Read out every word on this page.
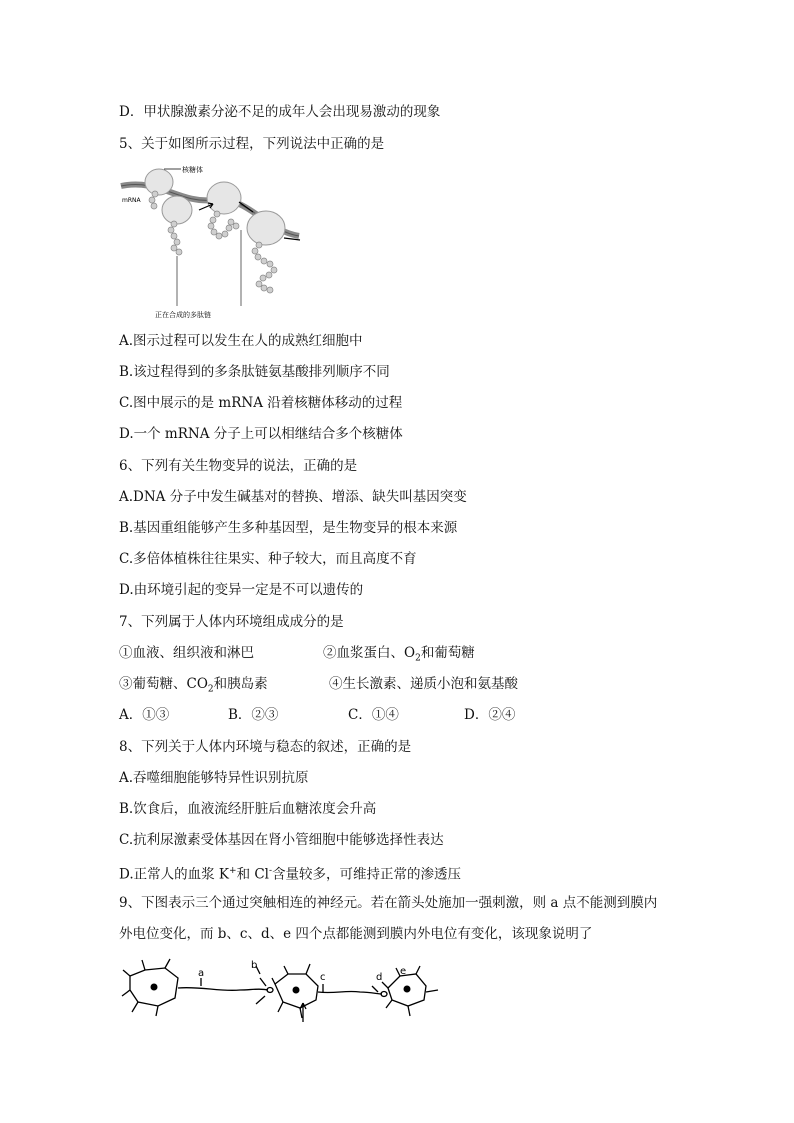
D．甲状腺激素分泌不足的成年人会出现易激动的现象
5、关于如图所示过程，下列说法中正确的是
核糖体
mRNA
正在合成的多肽链
A.图示过程可以发生在人的成熟红细胞中
B.该过程得到的多条肽链氨基酸排列顺序不同
C.图中展示的是 mRNA 沿着核糖体移动的过程
D.一个 mRNA 分子上可以相继结合多个核糖体
6、下列有关生物变异的说法，正确的是
A.DNA 分子中发生碱基对的替换、增添、缺失叫基因突变
B.基因重组能够产生多种基因型，是生物变异的根本来源
C.多倍体植株往往果实、种子较大，而且高度不育
D.由环境引起的变异一定是不可以遗传的
7、下列属于人体内环境组成成分的是
①血液、组织液和淋巴	②血浆蛋白、$O_2$和葡萄糖
③葡萄糖、$CO_2$和胰岛素	④生长激素、递质小泡和氨基酸
A．①③	B．②③	C．①④	D．②④
8、下列关于人体内环境与稳态的叙述，正确的是
A.吞噬细胞能够特异性识别抗原
B.饮食后，血液流经肝脏后血糖浓度会升高
C.抗利尿激素受体基因在肾小管细胞中能够选择性表达
D.正常人的血浆 K+和 Cl-含量较多，可维持正常的渗透压
9、下图表示三个通过突触相连的神经元。若在箭头处施加一强刺激，则 a 点不能测到膜内
外电位变化，而 b、c、d、e 四个点都能测到膜内外电位有变化，该现象说明了
a
b
c	d
e
